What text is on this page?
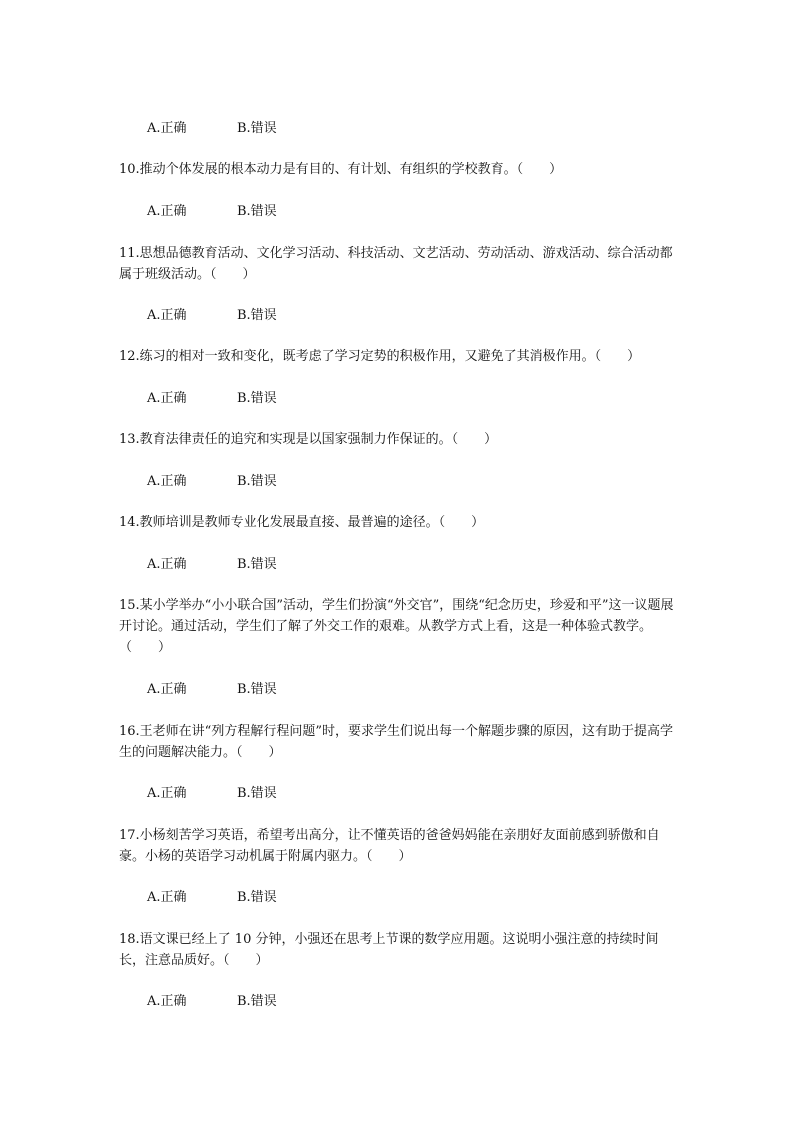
A.正确	B.错误

10.推动个体发展的根本动力是有目的、有计划、有组织的学校教育。（　　）

A.正确	B.错误

11.思想品德教育活动、文化学习活动、科技活动、文艺活动、劳动活动、游戏活动、综合活动都属于班级活动。（　　）

A.正确	B.错误

12.练习的相对一致和变化，既考虑了学习定势的积极作用，又避免了其消极作用。（　　）

A.正确	B.错误

13.教育法律责任的追究和实现是以国家强制力作保证的。（　　）

A.正确	B.错误

14.教师培训是教师专业化发展最直接、最普遍的途径。（　　）

A.正确	B.错误

15.某小学举办“小小联合国”活动，学生们扮演“外交官”，围绕“纪念历史，珍爱和平”这一议题展开讨论。通过活动，学生们了解了外交工作的艰难。从教学方式上看，这是一种体验式教学。（　　）

A.正确	B.错误

16.王老师在讲“列方程解行程问题”时，要求学生们说出每一个解题步骤的原因，这有助于提高学生的问题解决能力。（　　）

A.正确	B.错误

17.小杨刻苦学习英语，希望考出高分，让不懂英语的爸爸妈妈能在亲朋好友面前感到骄傲和自豪。小杨的英语学习动机属于附属内驱力。（　　）

A.正确	B.错误

18.语文课已经上了 10 分钟，小强还在思考上节课的数学应用题。这说明小强注意的持续时间长，注意品质好。（　　）

A.正确	B.错误
